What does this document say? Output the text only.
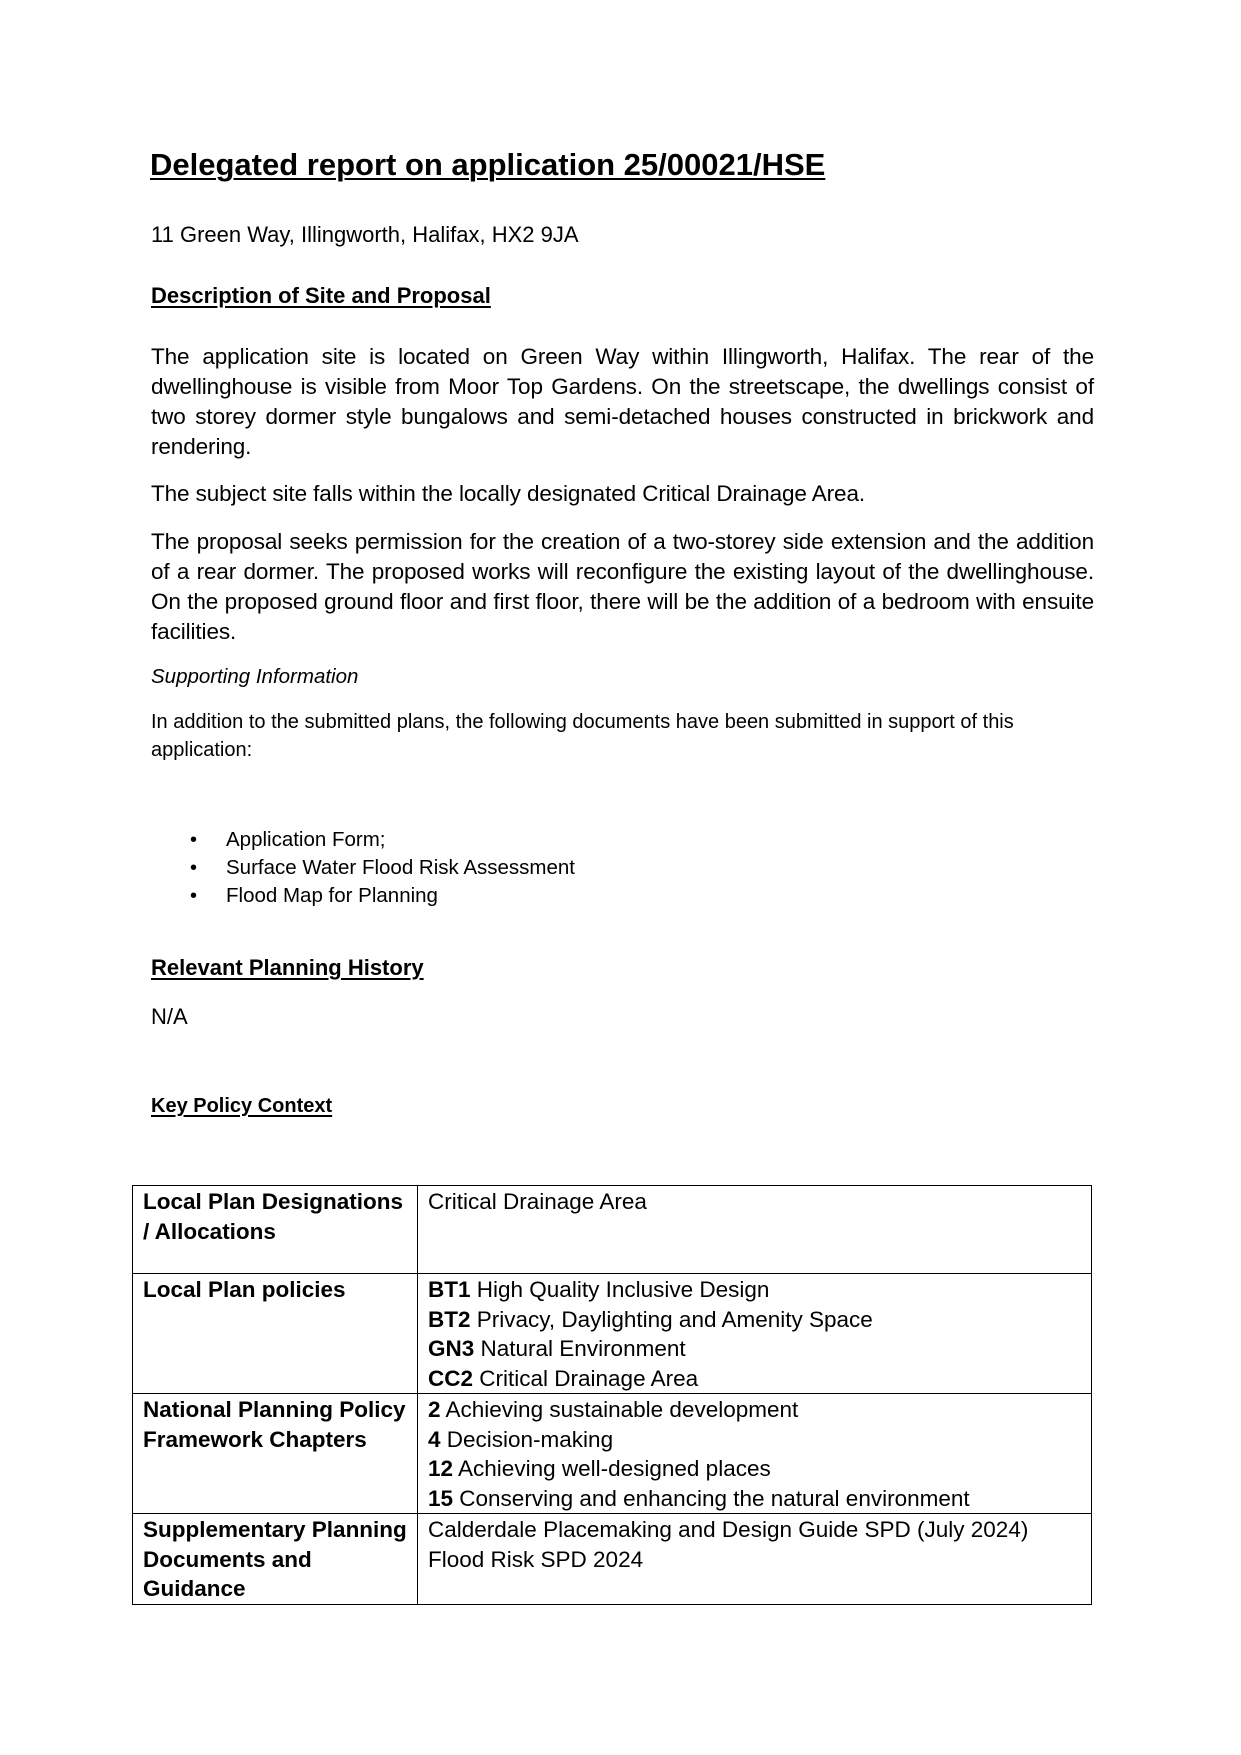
Delegated report on application 25/00021/HSE
11 Green Way, Illingworth, Halifax, HX2 9JA
Description of Site and Proposal
The application site is located on Green Way within Illingworth, Halifax. The rear of the dwellinghouse is visible from Moor Top Gardens. On the streetscape, the dwellings consist of two storey dormer style bungalows and semi-detached houses constructed in brickwork and rendering.
The subject site falls within the locally designated Critical Drainage Area.
The proposal seeks permission for the creation of a two-storey side extension and the addition of a rear dormer. The proposed works will reconfigure the existing layout of the dwellinghouse. On the proposed ground floor and first floor, there will be the addition of a bedroom with ensuite facilities.
Supporting Information
In addition to the submitted plans, the following documents have been submitted in support of this application:
• Application Form;
• Surface Water Flood Risk Assessment
• Flood Map for Planning
Relevant Planning History
N/A
Key Policy Context
Local Plan Designations / Allocations	Critical Drainage Area

Local Plan policies	BT1 High Quality Inclusive Design
BT2 Privacy, Daylighting and Amenity Space
GN3 Natural Environment
CC2 Critical Drainage Area

National Planning Policy Framework Chapters	2 Achieving sustainable development
4 Decision-making
12 Achieving well-designed places
15 Conserving and enhancing the natural environment

Supplementary Planning Documents and Guidance	Calderdale Placemaking and Design Guide SPD (July 2024)
Flood Risk SPD 2024
